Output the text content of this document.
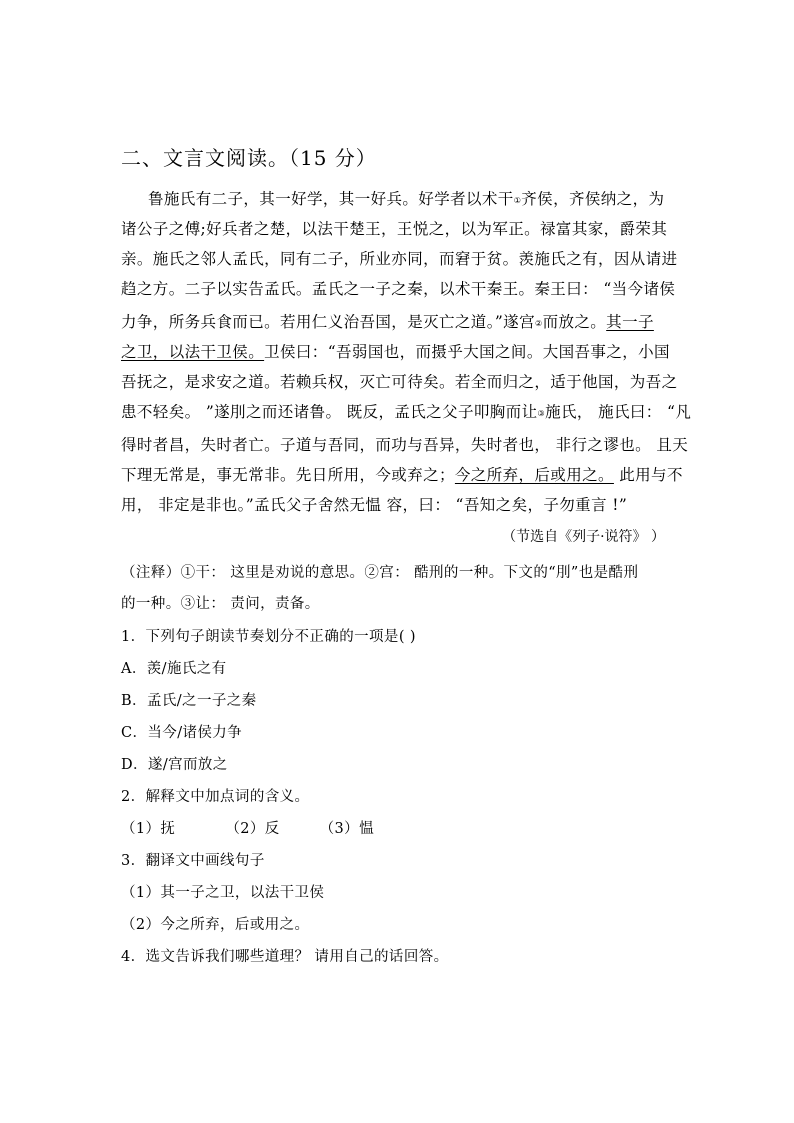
二、文言文阅读。（15 分）
鲁施氏有二子，其一好学，其一好兵。好学者以术干①齐侯，齐侯纳之，为
诸公子之傅;好兵者之楚，以法干楚王，王悦之，以为军正。禄富其家，爵荣其
亲。施氏之邻人孟氏，同有二子，所业亦同，而窘于贫。羡施氏之有，因从请进
趋之方。二子以实告孟氏。孟氏之一子之秦，以术干秦王。秦王曰： “当今诸侯
力争，所务兵食而已。若用仁义治吾国，是灭亡之道。”遂宫②而放之。其一子
之卫，以法干卫侯。卫侯曰：“吾弱国也，而摄乎大国之间。大国吾事之，小国
吾抚之，是求安之道。若赖兵权，灭亡可待矣。若全而归之，适于他国，为吾之
患不轻矣。 ”遂刖之而还诸鲁。 既反，孟氏之父子叩胸而让③施氏， 施氏曰： “凡
得时者昌，失时者亡。子道与吾同，而功与吾异，失时者也， 非行之谬也。 且天
下理无常是，事无常非。先日所用，今或弃之；今之所弃，后或用之。 此用与不
用， 非定是非也。”孟氏父子舍然无愠 容，曰： “吾知之矣，子勿重言 !”
（节选自《列子·说符》 ）
（注释）①干： 这里是劝说的意思。②宫： 酷刑的一种。下文的“刖”也是酷刑
的一种。③让： 责问，责备。
1．下列句子朗读节奏划分不正确的一项是( )
A．羡/施氏之有
B．孟氏/之一子之秦
C．当今/诸侯力争
D．遂/宫而放之
2．解释文中加点词的含义。
（1）抚	（2）反	（3）愠
3．翻译文中画线句子
（1）其一子之卫，以法干卫侯
（2）今之所弃，后或用之。
4．选文告诉我们哪些道理？ 请用自己的话回答。
